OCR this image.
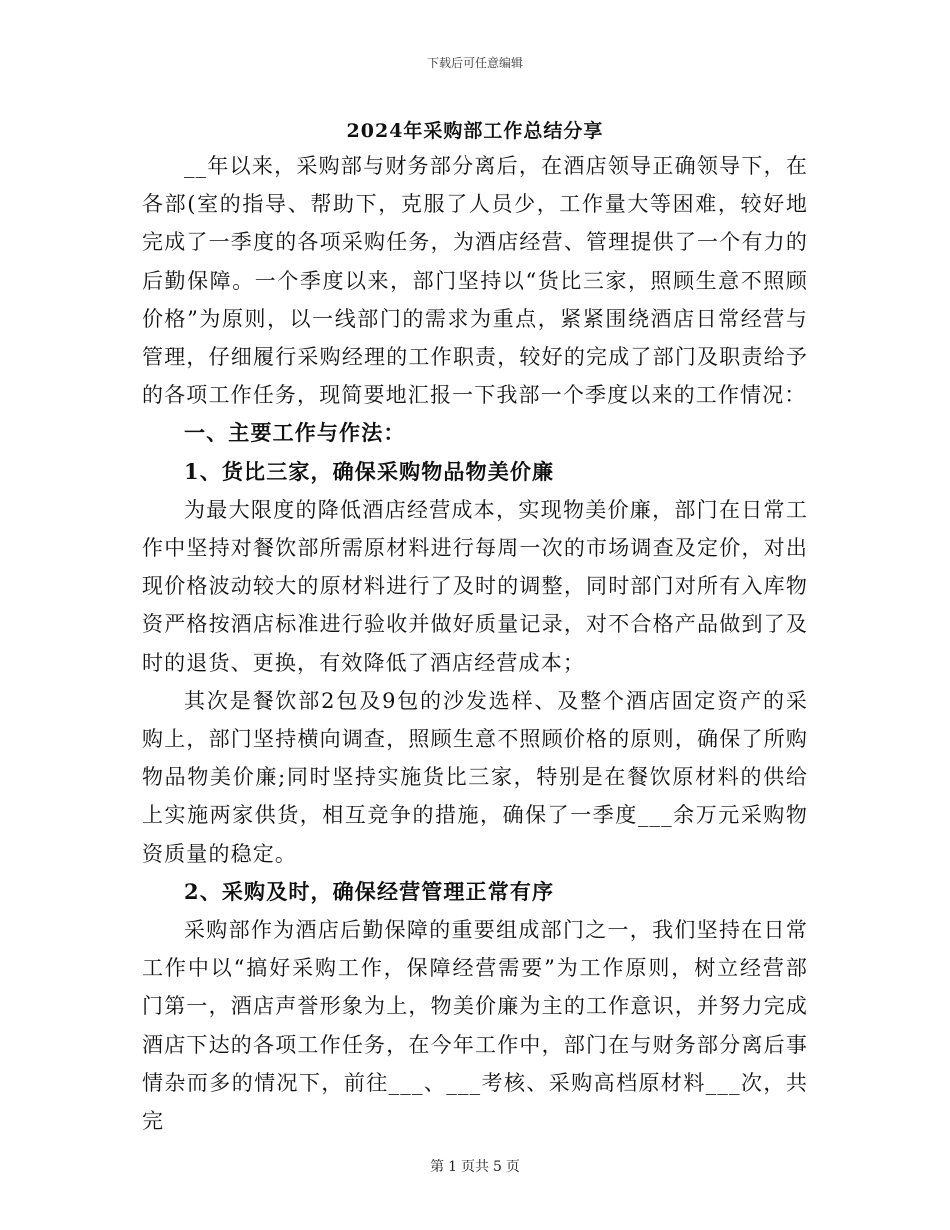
下载后可任意编辑
2024年采购部工作总结分享

__年以来，采购部与财务部分离后，在酒店领导正确领导下，在各部(室的指导、帮助下，克服了人员少，工作量大等困难，较好地完成了一季度的各项采购任务，为酒店经营、管理提供了一个有力的后勤保障。一个季度以来，部门坚持以“货比三家，照顾生意不照顾价格”为原则，以一线部门的需求为重点，紧紧围绕酒店日常经营与管理，仔细履行采购经理的工作职责，较好的完成了部门及职责给予的各项工作任务，现简要地汇报一下我部一个季度以来的工作情况：

一、主要工作与作法：

1、货比三家，确保采购物品物美价廉

为最大限度的降低酒店经营成本，实现物美价廉，部门在日常工作中坚持对餐饮部所需原材料进行每周一次的市场调查及定价，对出现价格波动较大的原材料进行了及时的调整，同时部门对所有入库物资严格按酒店标准进行验收并做好质量记录，对不合格产品做到了及时的退货、更换，有效降低了酒店经营成本；

其次是餐饮部2包及9包的沙发选样、及整个酒店固定资产的采购上，部门坚持横向调查，照顾生意不照顾价格的原则，确保了所购物品物美价廉;同时坚持实施货比三家，特别是在餐饮原材料的供给上实施两家供货，相互竞争的措施，确保了一季度___余万元采购物资质量的稳定。

2、采购及时，确保经营管理正常有序

采购部作为酒店后勤保障的重要组成部门之一，我们坚持在日常工作中以“搞好采购工作，保障经营需要”为工作原则，树立经营部门第一，酒店声誉形象为上，物美价廉为主的工作意识，并努力完成酒店下达的各项工作任务，在今年工作中，部门在与财务部分离后事情杂而多的情况下，前往___、___考核、采购高档原材料___次，共完

第 1 页共 5 页
